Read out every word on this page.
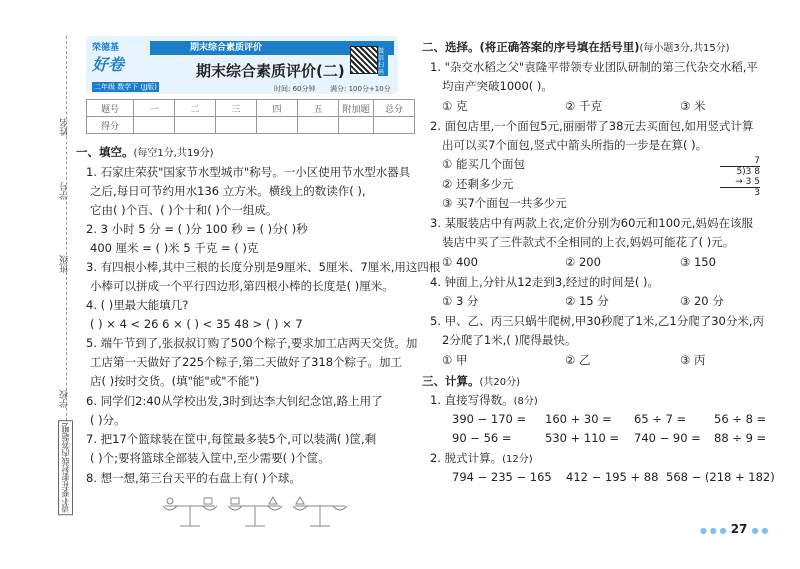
姓名
学号
班级
学校
请不要在密封线内答题哦!
期末综合素质评价
荣德基
好卷
二年级 数学下 (JJ版)
期末综合素质评价(二)
时间: 60分钟 满分: 100分+10分
微信扫码
题号	一	二	三	四	五	附加题	总分
得分							
一、填空。(每空1分,共19分)
1. 石家庄荣获"国家节水型城市"称号。一小区使用节水型水器具
之后,每日可节约用水136 立方米。横线上的数读作( ),
它由( )个百、( )个十和( )个一组成。
2. 3 小时 5 分 = ( )分 100 秒 = ( )分( )秒
400 厘米 = ( )米 5 千克 = ( )克
3. 有四根小棒,其中三根的长度分别是9厘米、5厘米、7厘米,用这四根
小棒可以拼成一个平行四边形,第四根小棒的长度是( )厘米。
4. ( )里最大能填几?
( ) × 4 < 26 6 × ( ) < 35 48 > ( ) × 7
5. 端午节到了,张叔叔订购了500个粽子,要求加工店两天交货。加
工店第一天做好了225个粽子,第二天做好了318个粽子。加工
店( )按时交货。(填"能"或"不能")
6. 同学们2:40从学校出发,3时到达李大钊纪念馆,路上用了
( )分。
7. 把17个篮球装在筐中,每筐最多装5个,可以装满( )筐,剩
( )个;要将篮球全部装入筐中,至少需要( )个筐。
8. 想一想,第三台天平的右盘上有( )个球。
二、选择。(将正确答案的序号填在括号里)(每小题3分,共15分)
1. "杂交水稻之父"袁隆平带领专业团队研制的第三代杂交水稻,平
均亩产突破1000( )。
① 克	② 千克	③ 米
2. 面包店里,一个面包5元,丽丽带了38元去买面包,如用竖式计算
出可以买7个面包,竖式中箭头所指的一步是在算( )。
① 能买几个面包
② 还剩多少元
③ 买7个面包一共多少元
7
5)3 8
→ 3 5
3
3. 某服装店中有两款上衣,定价分别为60元和100元,妈妈在该服
装店中买了三件款式不全相同的上衣,妈妈可能花了( )元。
① 400	② 200	③ 150
4. 钟面上,分针从12走到3,经过的时间是( )。
① 3 分	② 15 分	③ 20 分
5. 甲、乙、丙三只蜗牛爬树,甲30秒爬了1米,乙1分爬了30分米,丙
2分爬了1米,( )爬得最快。
① 甲	② 乙	③ 丙
三、计算。(共20分)
1. 直接写得数。(8分)
390 − 170 = 160 + 30 = 65 ÷ 7 = 56 ÷ 8 =
90 − 56 =	530 + 110 = 740 − 90 = 88 ÷ 9 =
2. 脱式计算。(12分)
794 − 235 − 165 412 − 195 + 88 568 − (218 + 182)
● ● ● 27 ● ●
